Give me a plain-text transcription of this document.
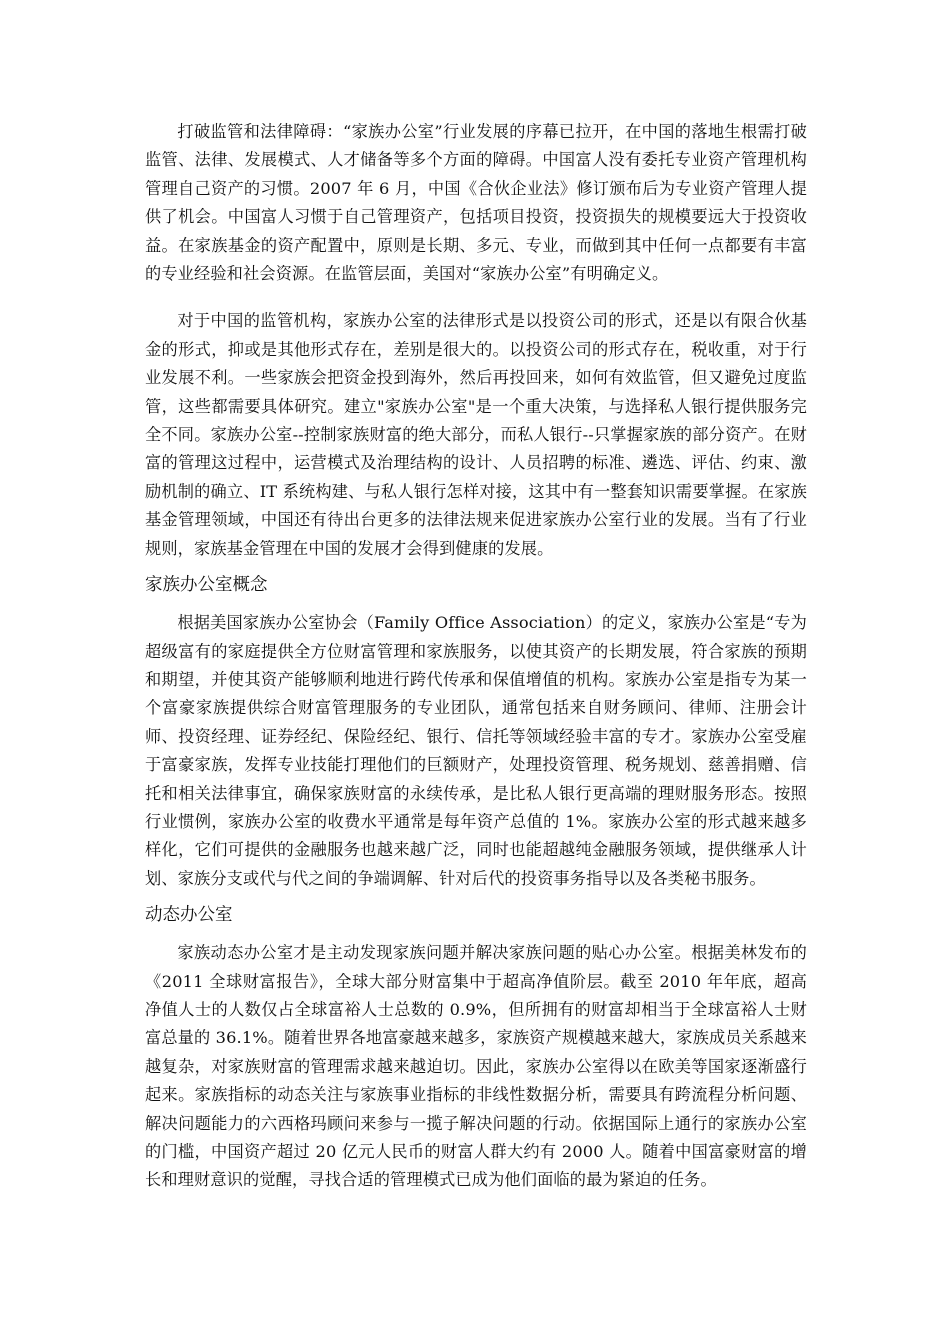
打破监管和法律障碍：“家族办公室”行业发展的序幕已拉开，在中国的落地生根需打破监管、法律、发展模式、人才储备等多个方面的障碍。中国富人没有委托专业资产管理机构管理自己资产的习惯。2007 年 6 月，中国《合伙企业法》修订颁布后为专业资产管理人提供了机会。中国富人习惯于自己管理资产，包括项目投资，投资损失的规模要远大于投资收益。在家族基金的资产配置中，原则是长期、多元、专业，而做到其中任何一点都要有丰富的专业经验和社会资源。在监管层面，美国对“家族办公室”有明确定义。

对于中国的监管机构，家族办公室的法律形式是以投资公司的形式，还是以有限合伙基金的形式，抑或是其他形式存在，差别是很大的。以投资公司的形式存在，税收重，对于行业发展不利。一些家族会把资金投到海外，然后再投回来，如何有效监管，但又避免过度监管，这些都需要具体研究。建立"家族办公室"是一个重大决策，与选择私人银行提供服务完全不同。家族办公室--控制家族财富的绝大部分，而私人银行--只掌握家族的部分资产。在财富的管理这过程中，运营模式及治理结构的设计、人员招聘的标准、遴选、评估、约束、激励机制的确立、IT 系统构建、与私人银行怎样对接，这其中有一整套知识需要掌握。在家族基金管理领域，中国还有待出台更多的法律法规来促进家族办公室行业的发展。当有了行业规则，家族基金管理在中国的发展才会得到健康的发展。

家族办公室概念

根据美国家族办公室协会（Family Office Association）的定义，家族办公室是“专为超级富有的家庭提供全方位财富管理和家族服务，以使其资产的长期发展，符合家族的预期和期望，并使其资产能够顺利地进行跨代传承和保值增值的机构。家族办公室是指专为某一个富豪家族提供综合财富管理服务的专业团队，通常包括来自财务顾问、律师、注册会计师、投资经理、证券经纪、保险经纪、银行、信托等领域经验丰富的专才。家族办公室受雇于富豪家族，发挥专业技能打理他们的巨额财产，处理投资管理、税务规划、慈善捐赠、信托和相关法律事宜，确保家族财富的永续传承，是比私人银行更高端的理财服务形态。按照行业惯例，家族办公室的收费水平通常是每年资产总值的 1%。家族办公室的形式越来越多样化，它们可提供的金融服务也越来越广泛，同时也能超越纯金融服务领域，提供继承人计划、家族分支或代与代之间的争端调解、针对后代的投资事务指导以及各类秘书服务。

动态办公室

家族动态办公室才是主动发现家族问题并解决家族问题的贴心办公室。根据美林发布的《2011 全球财富报告》，全球大部分财富集中于超高净值阶层。截至 2010 年年底，超高净值人士的人数仅占全球富裕人士总数的 0.9%，但所拥有的财富却相当于全球富裕人士财富总量的 36.1%。随着世界各地富豪越来越多，家族资产规模越来越大，家族成员关系越来越复杂，对家族财富的管理需求越来越迫切。因此，家族办公室得以在欧美等国家逐渐盛行起来。家族指标的动态关注与家族事业指标的非线性数据分析，需要具有跨流程分析问题、解决问题能力的六西格玛顾问来参与一揽子解决问题的行动。依据国际上通行的家族办公室的门槛，中国资产超过 20 亿元人民币的财富人群大约有 2000 人。随着中国富豪财富的增长和理财意识的觉醒，寻找合适的管理模式已成为他们面临的最为紧迫的任务。
